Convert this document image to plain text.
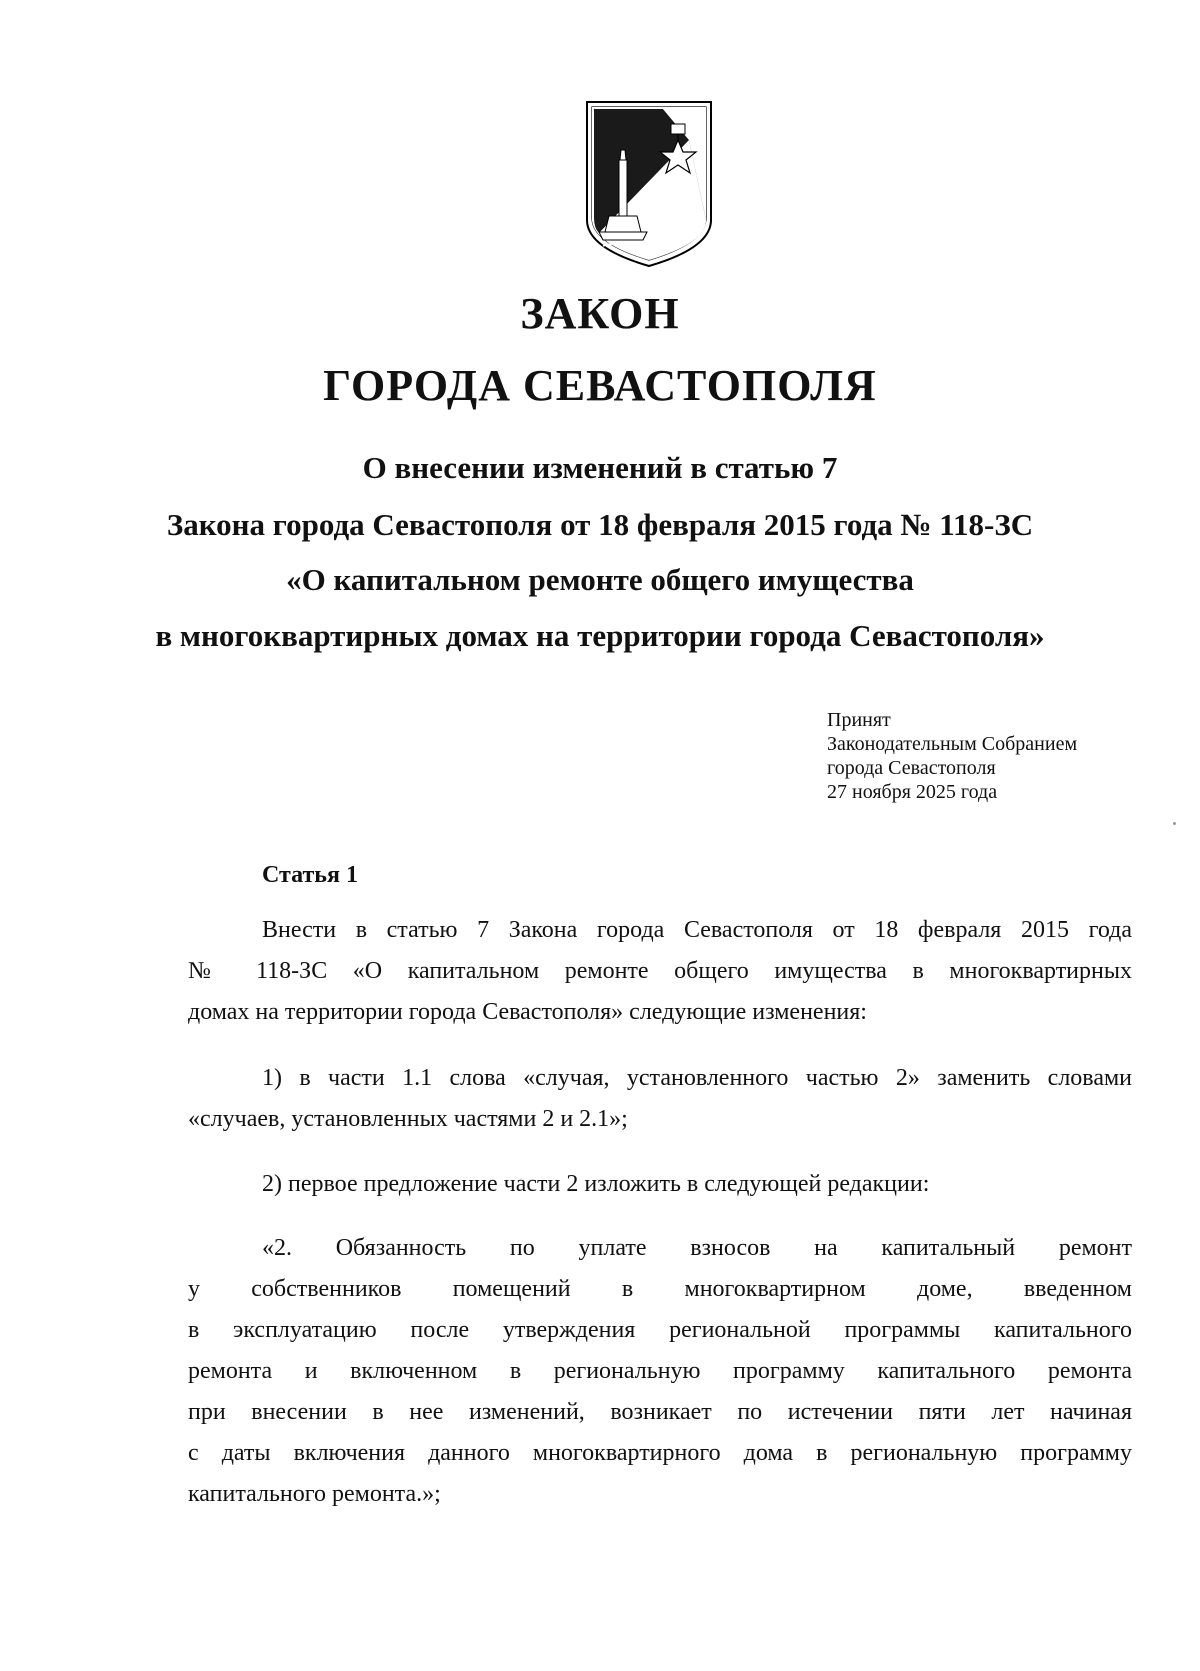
ЗАКОН
ГОРОДА СЕВАСТОПОЛЯ
О внесении изменений в статью 7
Закона города Севастополя от 18 февраля 2015 года № 118-ЗС
«О капитальном ремонте общего имущества
в многоквартирных домах на территории города Севастополя»
Принят
Законодательным Собранием
города Севастополя
27 ноября 2025 года
Статья 1
Внести в статью 7 Закона города Севастополя от 18 февраля 2015 года
№ 118-ЗС «О капитальном ремонте общего имущества в многоквартирных
домах на территории города Севастополя» следующие изменения:
1) в части 1.1 слова «случая, установленного частью 2» заменить словами
«случаев, установленных частями 2 и 2.1»;
2) первое предложение части 2 изложить в следующей редакции:
«2. Обязанность по уплате взносов на капитальный ремонт
у собственников помещений в многоквартирном доме, введенном
в эксплуатацию после утверждения региональной программы капитального
ремонта и включенном в региональную программу капитального ремонта
при внесении в нее изменений, возникает по истечении пяти лет начиная
с даты включения данного многоквартирного дома в региональную программу
капитального ремонта.»;
